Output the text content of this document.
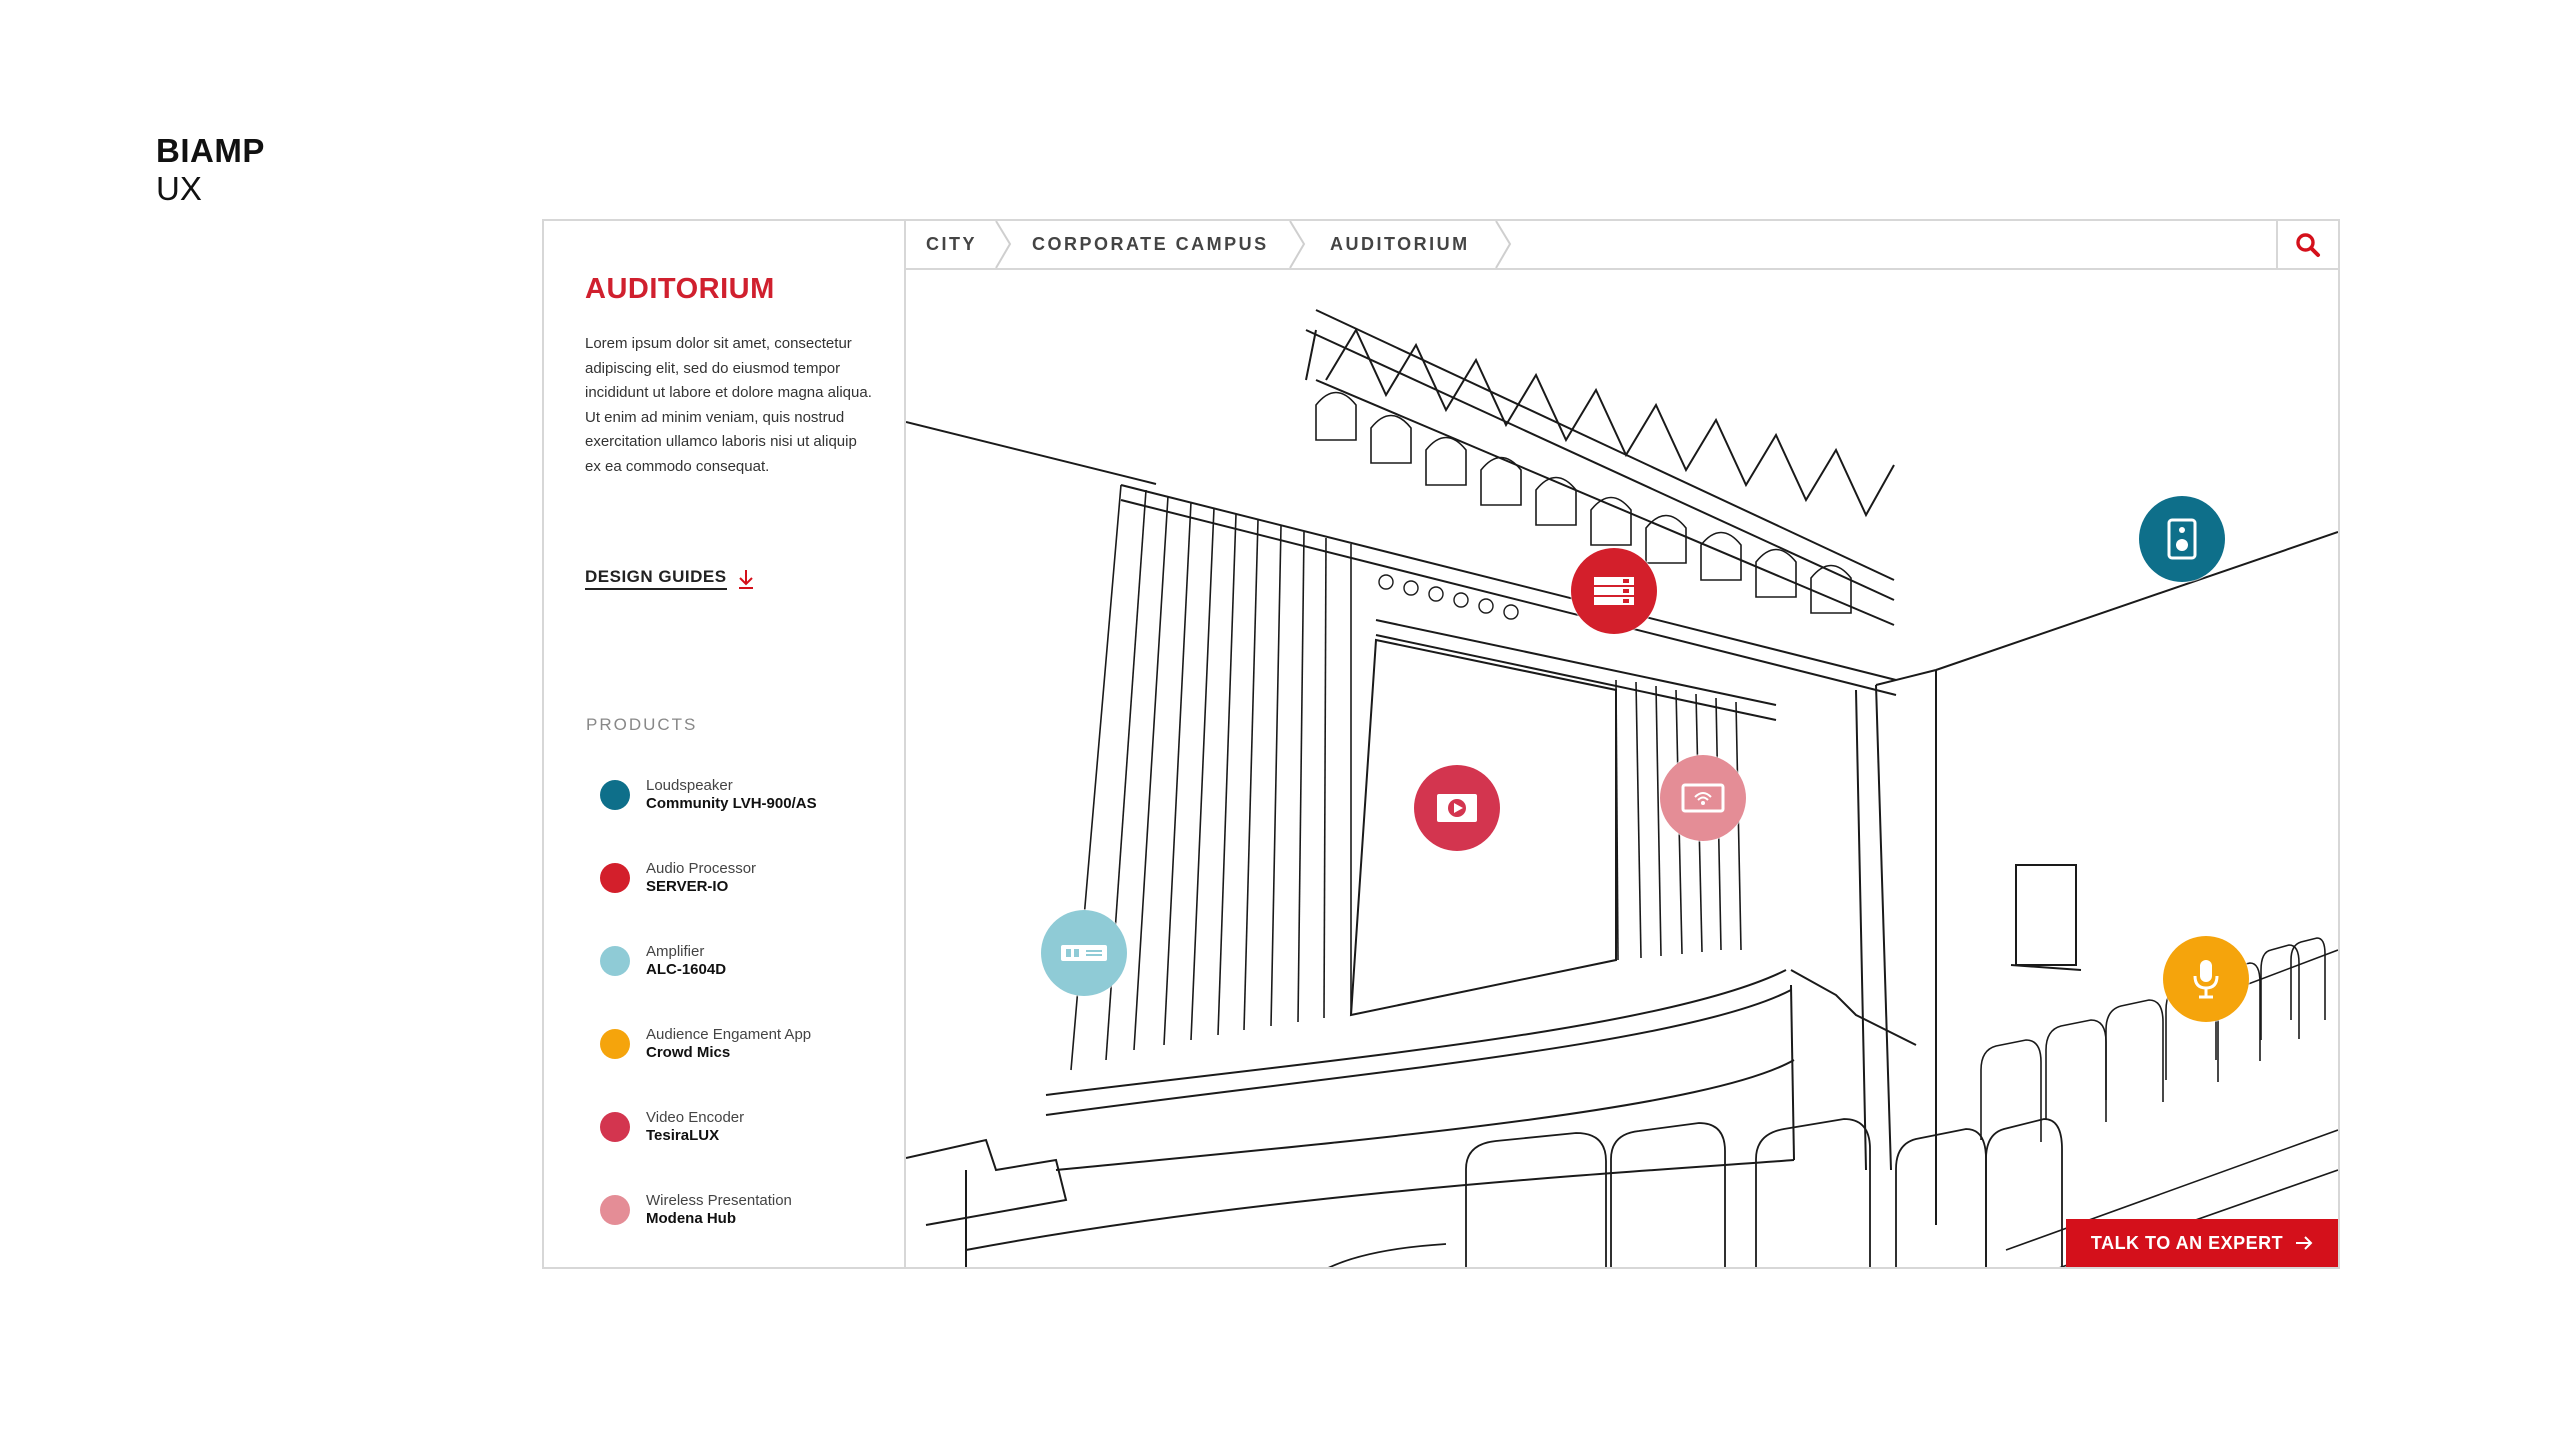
BIAMP
UX
AUDITORIUM
Lorem ipsum dolor sit amet, consectetur adipiscing elit, sed do eiusmod tempor incididunt ut labore et dolore magna aliqua. Ut enim ad minim veniam, quis nostrud exercitation ullamco laboris nisi ut aliquip ex ea commodo consequat.
DESIGN GUIDES
PRODUCTS
Loudspeaker
Community LVH-900/AS
Audio Processor
SERVER-IO
Amplifier
ALC-1604D
Audience Engament App
Crowd Mics
Video Encoder
TesiraLUX
Wireless Presentation
Modena Hub
CITY	CORPORATE CAMPUS	AUDITORIUM
TALK TO AN EXPERT
